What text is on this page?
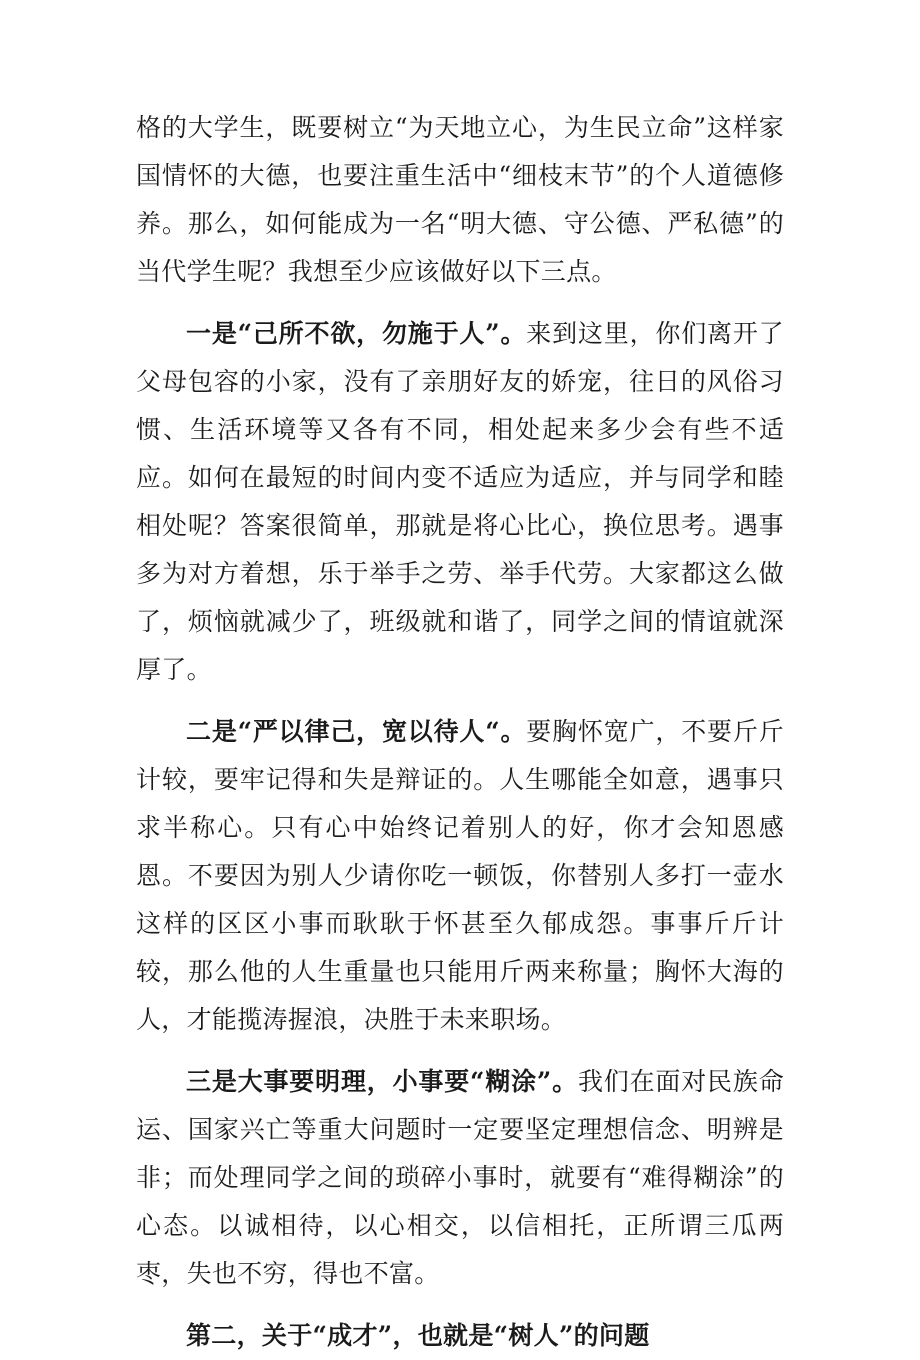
格的大学生，既要树立“为天地立心，为生民立命”这样家国情怀的大德，也要注重生活中“细枝末节”的个人道德修养。那么，如何能成为一名“明大德、守公德、严私德”的当代学生呢？我想至少应该做好以下三点。

一是“己所不欲，勿施于人”。来到这里，你们离开了父母包容的小家，没有了亲朋好友的娇宠，往日的风俗习惯、生活环境等又各有不同，相处起来多少会有些不适应。如何在最短的时间内变不适应为适应，并与同学和睦相处呢？答案很简单，那就是将心比心，换位思考。遇事多为对方着想，乐于举手之劳、举手代劳。大家都这么做了，烦恼就减少了，班级就和谐了，同学之间的情谊就深厚了。

二是“严以律己，宽以待人“。要胸怀宽广，不要斤斤计较，要牢记得和失是辩证的。人生哪能全如意，遇事只求半称心。只有心中始终记着别人的好，你才会知恩感恩。不要因为别人少请你吃一顿饭，你替别人多打一壶水这样的区区小事而耿耿于怀甚至久郁成怨。事事斤斤计较，那么他的人生重量也只能用斤两来称量；胸怀大海的人，才能揽涛握浪，决胜于未来职场。

三是大事要明理，小事要“糊涂”。我们在面对民族命运、国家兴亡等重大问题时一定要坚定理想信念、明辨是非；而处理同学之间的琐碎小事时，就要有“难得糊涂”的心态。以诚相待，以心相交，以信相托，正所谓三瓜两枣，失也不穷，得也不富。

第二，关于“成才”，也就是“树人”的问题
